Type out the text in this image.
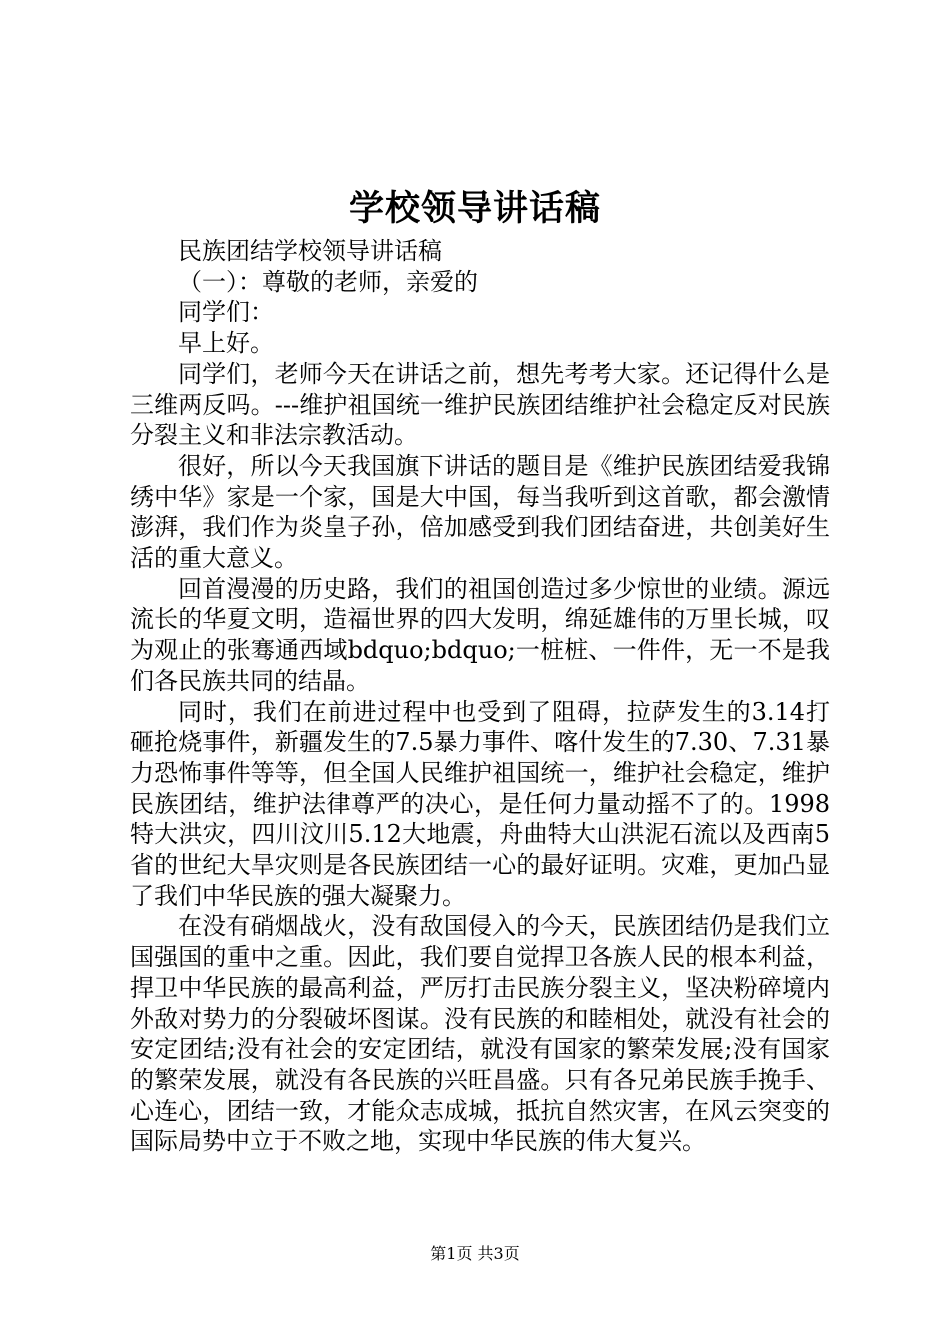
学校领导讲话稿

民族团结学校领导讲话稿

（一）：尊敬的老师，亲爱的

同学们：

早上好。

同学们，老师今天在讲话之前，想先考考大家。还记得什么是三维两反吗。---维护祖国统一维护民族团结维护社会稳定反对民族分裂主义和非法宗教活动。

很好，所以今天我国旗下讲话的题目是《维护民族团结爱我锦绣中华》家是一个家，国是大中国，每当我听到这首歌，都会激情澎湃，我们作为炎皇子孙，倍加感受到我们团结奋进，共创美好生活的重大意义。

回首漫漫的历史路，我们的祖国创造过多少惊世的业绩。源远流长的华夏文明，造福世界的四大发明，绵延雄伟的万里长城，叹为观止的张骞通西域bdquo;bdquo;一桩桩、一件件，无一不是我们各民族共同的结晶。

同时，我们在前进过程中也受到了阻碍，拉萨发生的3.14打砸抢烧事件，新疆发生的7.5暴力事件、喀什发生的7.30、7.31暴力恐怖事件等等，但全国人民维护祖国统一，维护社会稳定，维护民族团结，维护法律尊严的决心，是任何力量动摇不了的。1998特大洪灾，四川汶川5.12大地震，舟曲特大山洪泥石流以及西南5省的世纪大旱灾则是各民族团结一心的最好证明。灾难，更加凸显了我们中华民族的强大凝聚力。

在没有硝烟战火，没有敌国侵入的今天，民族团结仍是我们立国强国的重中之重。因此，我们要自觉捍卫各族人民的根本利益，捍卫中华民族的最高利益，严厉打击民族分裂主义，坚决粉碎境内外敌对势力的分裂破坏图谋。没有民族的和睦相处，就没有社会的安定团结;没有社会的安定团结，就没有国家的繁荣发展;没有国家的繁荣发展，就没有各民族的兴旺昌盛。只有各兄弟民族手挽手、心连心，团结一致，才能众志成城，抵抗自然灾害，在风云突变的国际局势中立于不败之地，实现中华民族的伟大复兴。

第1页 共3页
